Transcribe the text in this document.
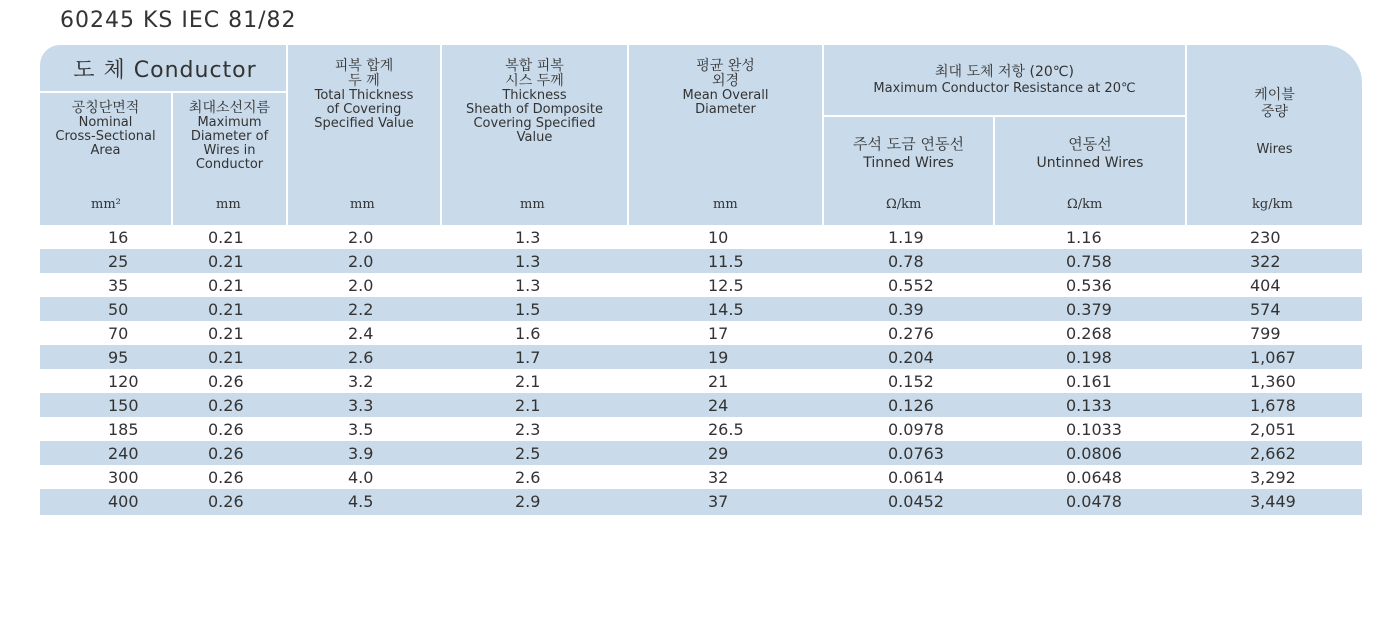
60245 KS IEC 81/82
도 체 Conductor
공칭단면적
Nominal
Cross-Sectional
Area
최대소선지름
Maximum
Diameter of
Wires in
Conductor
피복 합계
두 께
Total Thickness
of Covering
Specified Value
복합 피복
시스 두께
Thickness
Sheath of Domposite
Covering Specified
Value
평균 완성
외경
Mean Overall
Diameter
최대 도체 저항 (20℃)
Maximum Conductor Resistance at 20℃
주석 도금 연동선
Tinned Wires
연동선
Untinned Wires
케이블
중량
Wires
mm²	mm	mm	mm	mm	Ω/km	Ω/km	kg/km
16	0.21	2.0	1.3	10	1.19	1.16	230
25	0.21	2.0	1.3	11.5	0.78	0.758	322
35	0.21	2.0	1.3	12.5	0.552	0.536	404
50	0.21	2.2	1.5	14.5	0.39	0.379	574
70	0.21	2.4	1.6	17	0.276	0.268	799
95	0.21	2.6	1.7	19	0.204	0.198	1,067
120	0.26	3.2	2.1	21	0.152	0.161	1,360
150	0.26	3.3	2.1	24	0.126	0.133	1,678
185	0.26	3.5	2.3	26.5	0.0978	0.1033	2,051
240	0.26	3.9	2.5	29	0.0763	0.0806	2,662
300	0.26	4.0	2.6	32	0.0614	0.0648	3,292
400	0.26	4.5	2.9	37	0.0452	0.0478	3,449
